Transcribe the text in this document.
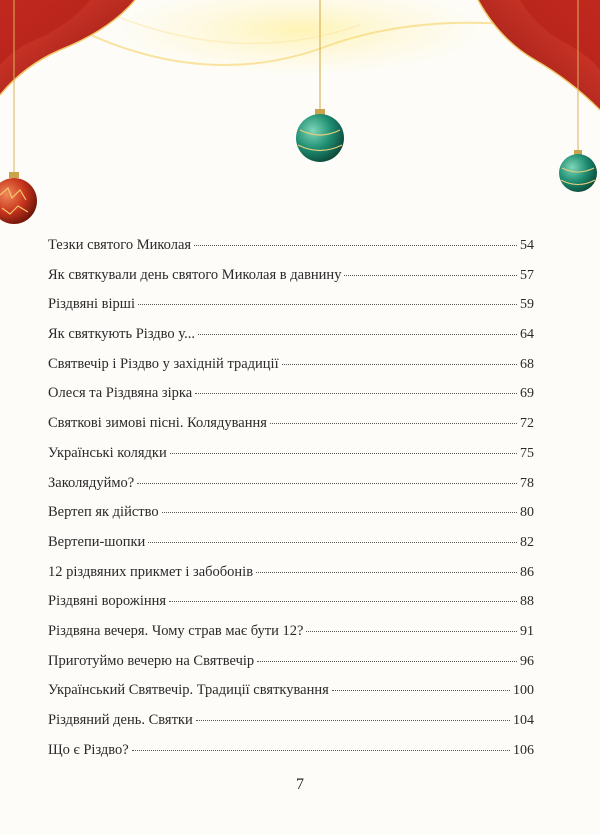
Тезки святого Миколая	54
Як святкували день святого Миколая в давнину	57
Різдвяні вірші	59
Як святкують Різдво у...	64
Святвечір і Різдво у західній традиції	68
Олеся та Різдвяна зірка	69
Святкові зимові пісні. Колядування	72
Українські колядки	75
Заколядуймо?	78
Вертеп як дійство	80
Вертепи-шопки	82
12 різдвяних прикмет і забобонів	86
Різдвяні ворожіння	88
Різдвяна вечеря. Чому страв має бути 12?	91
Приготуймо вечерю на Святвечір	96
Український Святвечір. Традиції святкування	100
Різдвяний день. Святки	104
Що є Різдво?	106
7
